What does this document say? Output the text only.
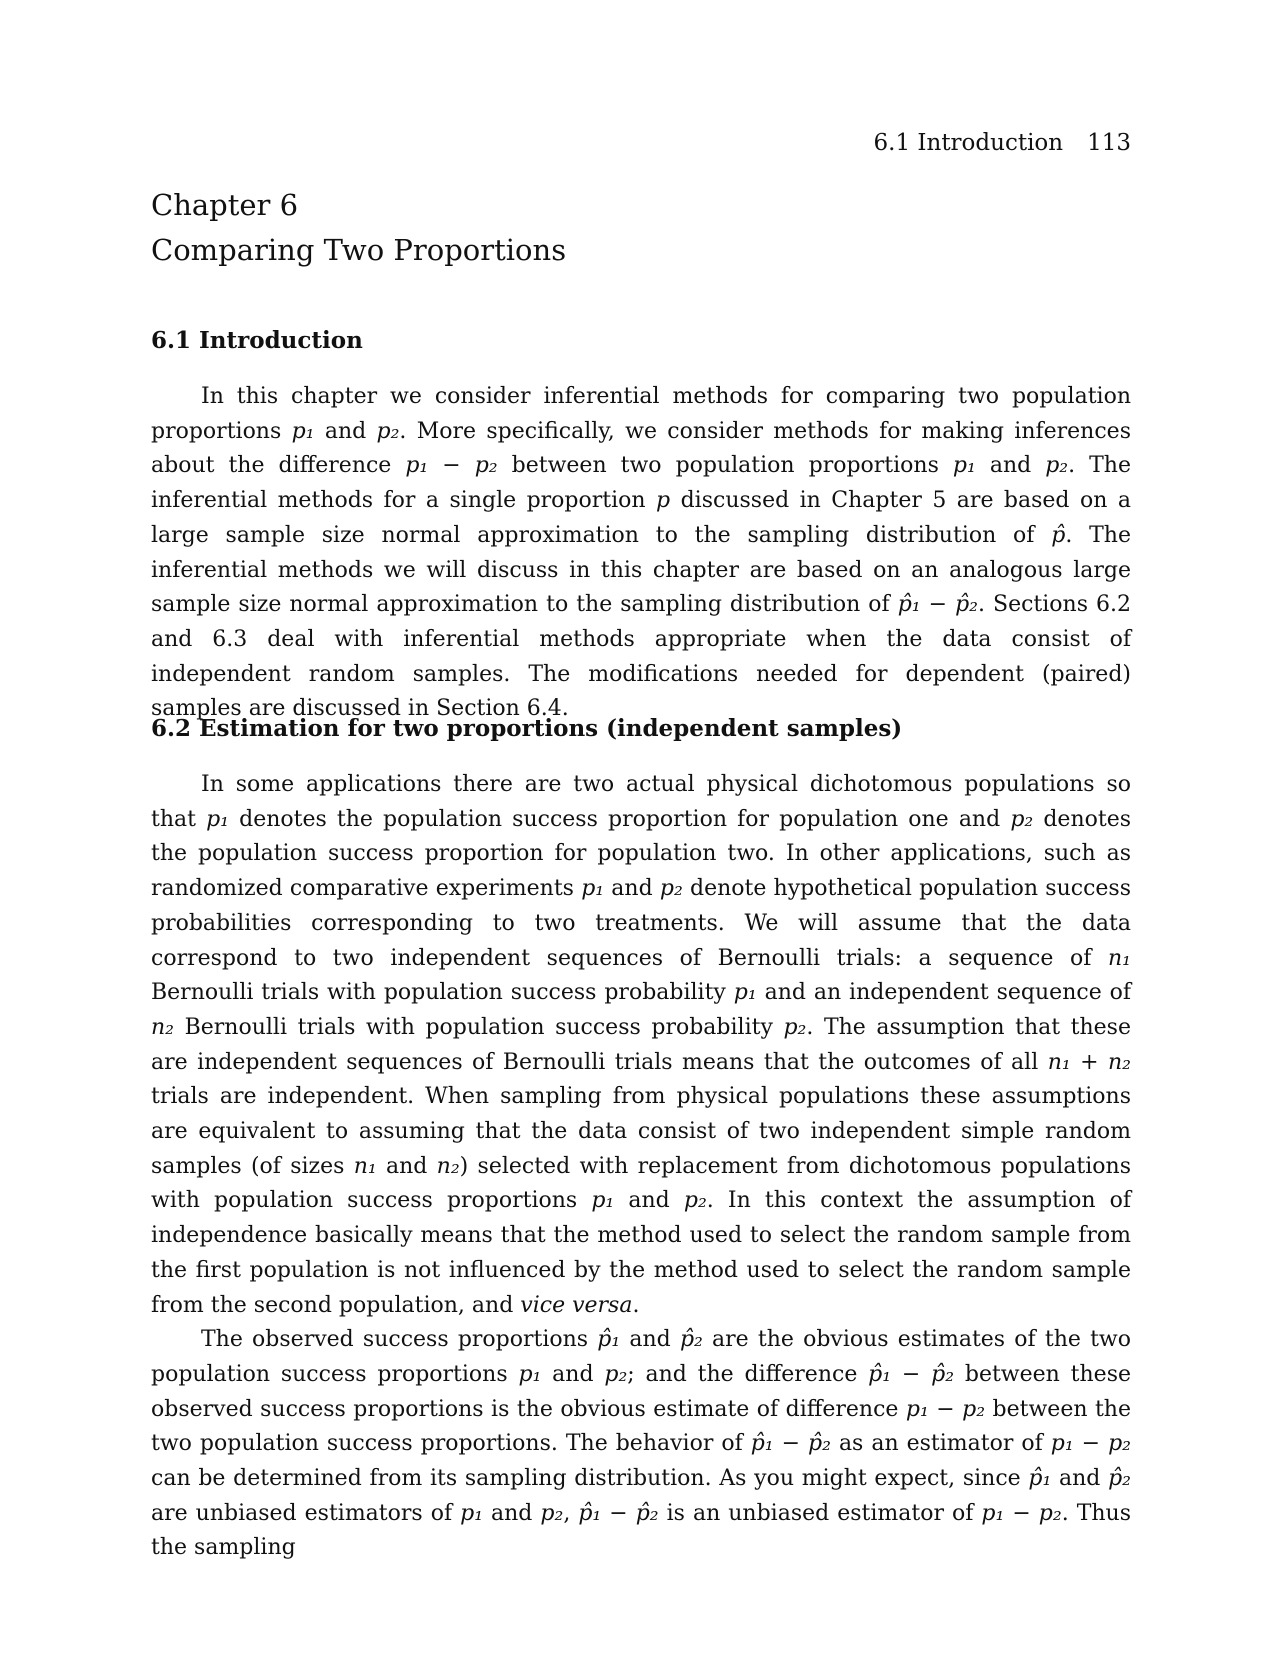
6.1 Introduction 113
Chapter 6
Comparing Two Proportions
6.1 Introduction

In this chapter we consider inferential methods for comparing two population proportions p₁ and p₂. More specifically, we consider methods for making inferences about the difference p₁ − p₂ between two population proportions p₁ and p₂. The inferential methods for a single proportion p discussed in Chapter 5 are based on a large sample size normal approximation to the sampling distribution of p̂. The inferential methods we will discuss in this chapter are based on an analogous large sample size normal approximation to the sampling distribution of p̂₁ − p̂₂. Sections 6.2 and 6.3 deal with inferential methods appropriate when the data consist of independent random samples. The modifications needed for dependent (paired) samples are discussed in Section 6.4.

6.2 Estimation for two proportions (independent samples)

In some applications there are two actual physical dichotomous populations so that p₁ denotes the population success proportion for population one and p₂ denotes the population success proportion for population two. In other applications, such as randomized comparative experiments p₁ and p₂ denote hypothetical population success probabilities corresponding to two treatments. We will assume that the data correspond to two independent sequences of Bernoulli trials: a sequence of n₁ Bernoulli trials with population success probability p₁ and an independent sequence of n₂ Bernoulli trials with population success probability p₂. The assumption that these are independent sequences of Bernoulli trials means that the outcomes of all n₁ + n₂ trials are independent. When sampling from physical populations these assumptions are equivalent to assuming that the data consist of two independent simple random samples (of sizes n₁ and n₂) selected with replacement from dichotomous populations with population success proportions p₁ and p₂. In this context the assumption of independence basically means that the method used to select the random sample from the first population is not influenced by the method used to select the random sample from the second population, and vice versa.

The observed success proportions p̂₁ and p̂₂ are the obvious estimates of the two population success proportions p₁ and p₂; and the difference p̂₁ − p̂₂ between these observed success proportions is the obvious estimate of difference p₁ − p₂ between the two population success proportions. The behavior of p̂₁ − p̂₂ as an estimator of p₁ − p₂ can be determined from its sampling distribution. As you might expect, since p̂₁ and p̂₂ are unbiased estimators of p₁ and p₂, p̂₁ − p̂₂ is an unbiased estimator of p₁ − p₂. Thus the sampling
